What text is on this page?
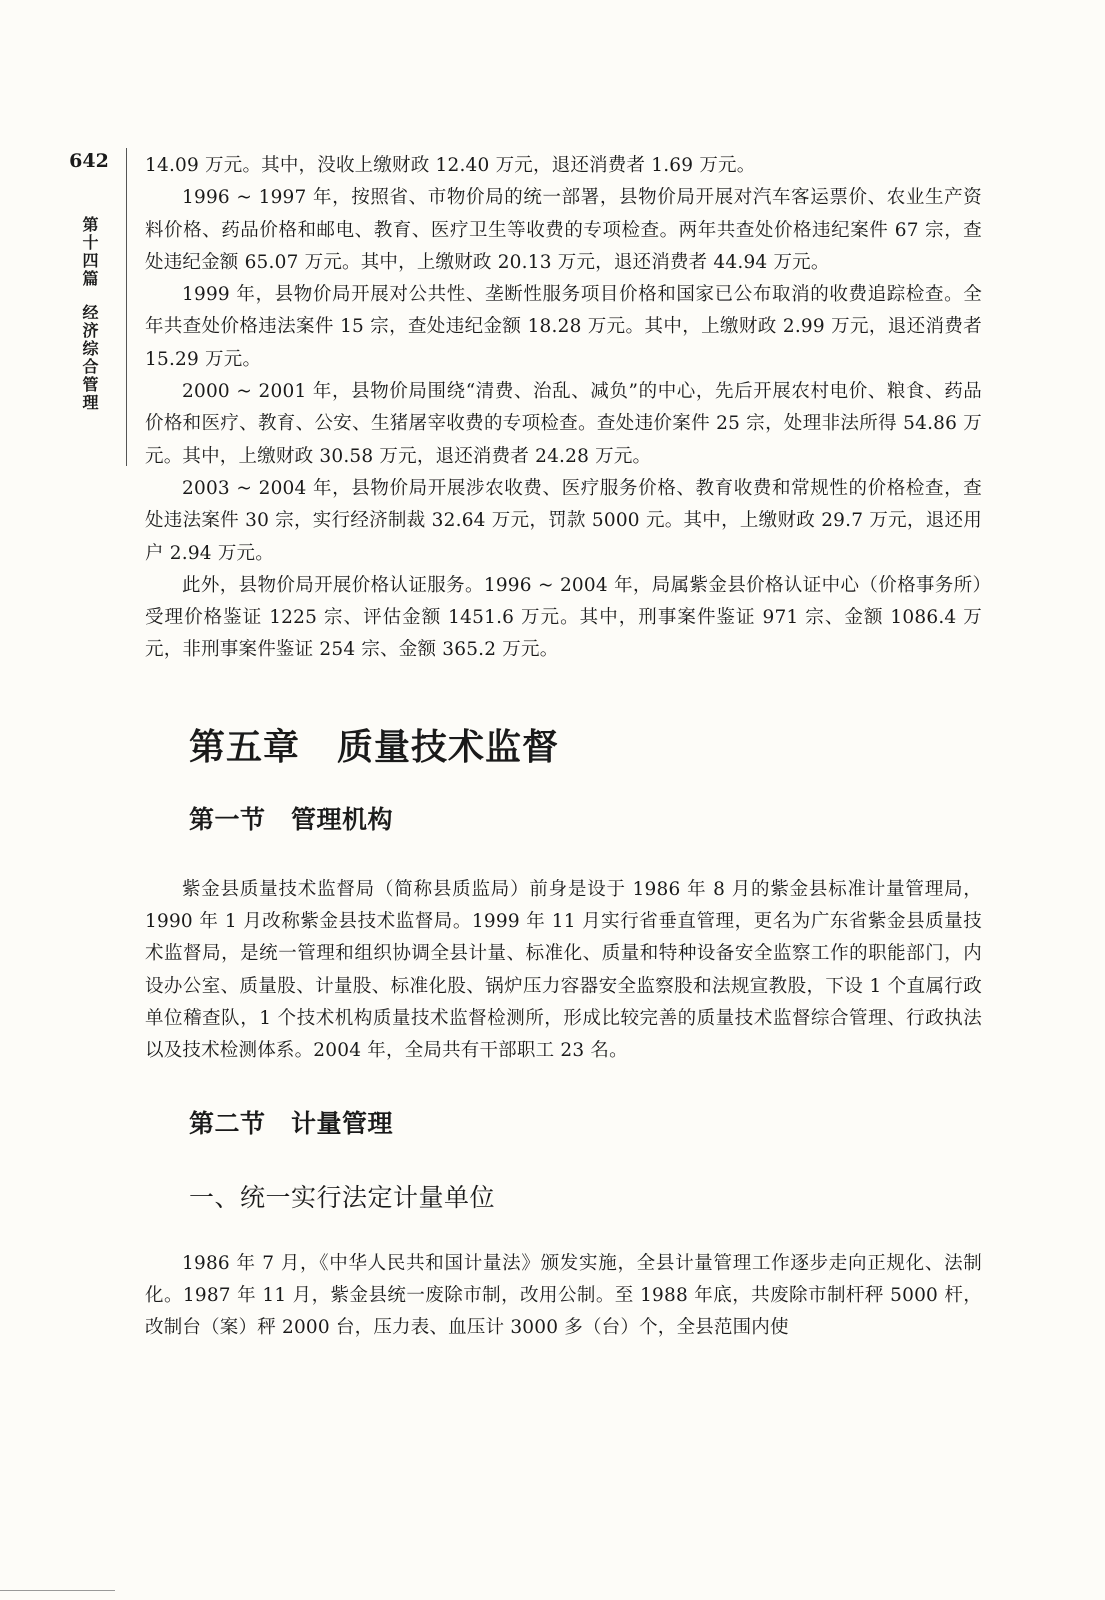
642
第十四篇经济综合管理

14.09 万元。其中，没收上缴财政 12.40 万元，退还消费者 1.69 万元。

1996 ~ 1997 年，按照省、市物价局的统一部署，县物价局开展对汽车客运票价、农业生产资料价格、药品价格和邮电、教育、医疗卫生等收费的专项检查。两年共查处价格违纪案件 67 宗，查处违纪金额 65.07 万元。其中，上缴财政 20.13 万元，退还消费者 44.94 万元。

1999 年，县物价局开展对公共性、垄断性服务项目价格和国家已公布取消的收费追踪检查。全年共查处价格违法案件 15 宗，查处违纪金额 18.28 万元。其中，上缴财政 2.99 万元，退还消费者 15.29 万元。

2000 ~ 2001 年，县物价局围绕“清费、治乱、减负”的中心，先后开展农村电价、粮食、药品价格和医疗、教育、公安、生猪屠宰收费的专项检查。查处违价案件 25 宗，处理非法所得 54.86 万元。其中，上缴财政 30.58 万元，退还消费者 24.28 万元。

2003 ~ 2004 年，县物价局开展涉农收费、医疗服务价格、教育收费和常规性的价格检查，查处违法案件 30 宗，实行经济制裁 32.64 万元，罚款 5000 元。其中，上缴财政 29.7 万元，退还用户 2.94 万元。

此外，县物价局开展价格认证服务。1996 ~ 2004 年，局属紫金县价格认证中心（价格事务所）受理价格鉴证 1225 宗、评估金额 1451.6 万元。其中，刑事案件鉴证 971 宗、金额 1086.4 万元，非刑事案件鉴证 254 宗、金额 365.2 万元。

第五章　质量技术监督
第一节　管理机构

紫金县质量技术监督局（简称县质监局）前身是设于 1986 年 8 月的紫金县标准计量管理局，1990 年 1 月改称紫金县技术监督局。1999 年 11 月实行省垂直管理，更名为广东省紫金县质量技术监督局，是统一管理和组织协调全县计量、标准化、质量和特种设备安全监察工作的职能部门，内设办公室、质量股、计量股、标准化股、锅炉压力容器安全监察股和法规宣教股，下设 1 个直属行政单位稽查队，1 个技术机构质量技术监督检测所，形成比较完善的质量技术监督综合管理、行政执法以及技术检测体系。2004 年，全局共有干部职工 23 名。

第二节　计量管理
一、统一实行法定计量单位

1986 年 7 月，《中华人民共和国计量法》颁发实施，全县计量管理工作逐步走向正规化、法制化。1987 年 11 月，紫金县统一废除市制，改用公制。至 1988 年底，共废除市制杆秤 5000 杆，改制台（案）秤 2000 台，压力表、血压计 3000 多（台）个，全县范围内使
